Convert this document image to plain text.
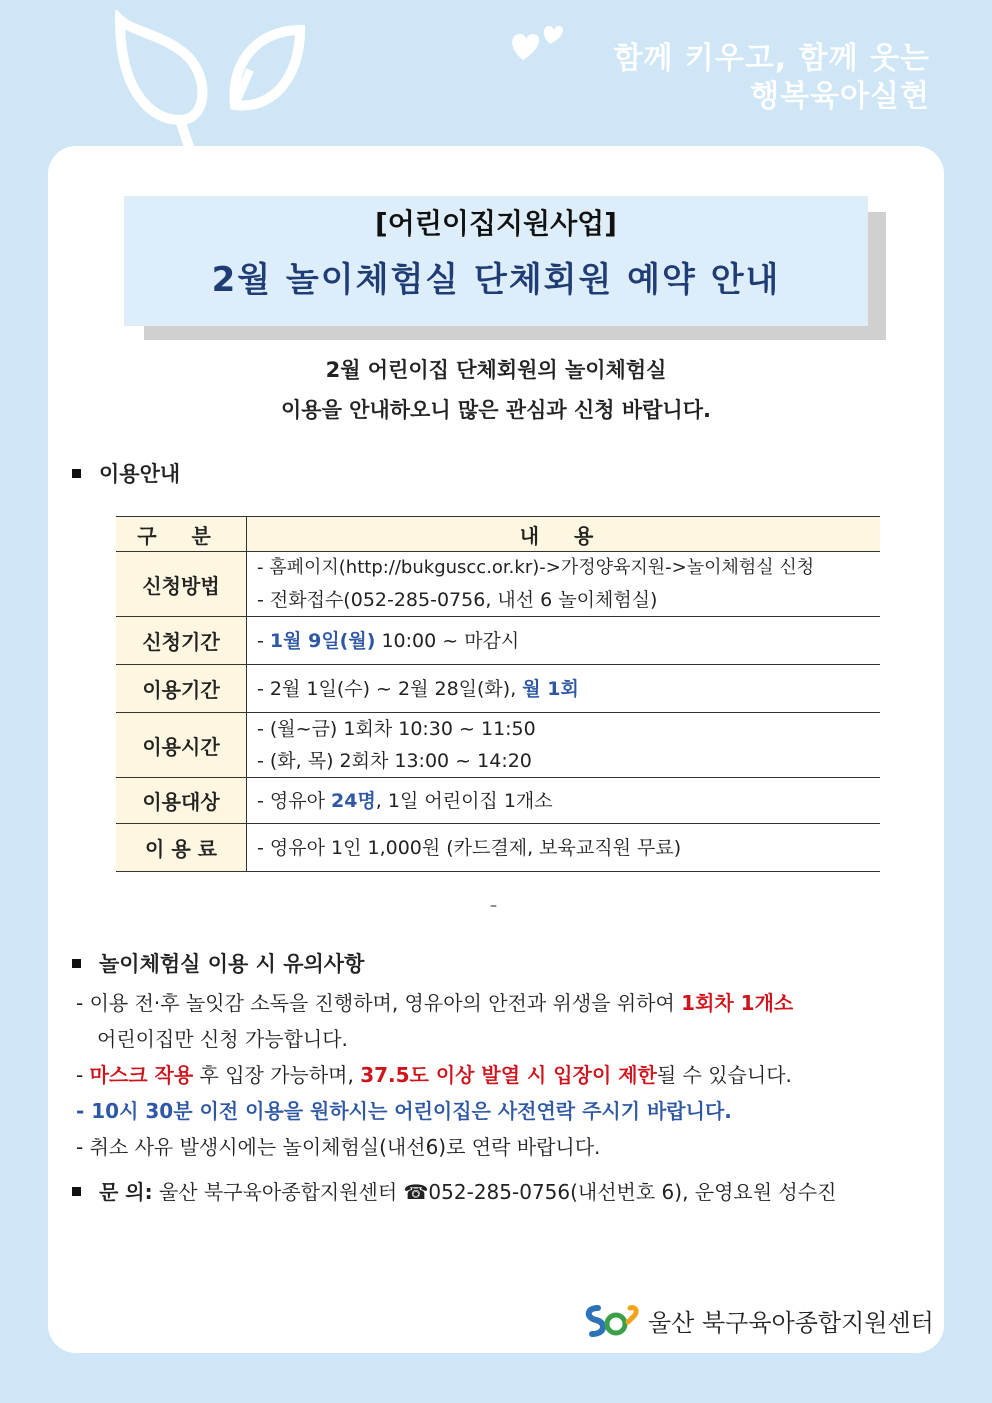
함께 키우고, 함께 웃는
행복육아실현
[어린이집지원사업]
2월 놀이체험실 단체회원 예약 안내
2월 어린이집 단체회원의 놀이체험실
이용을 안내하오니 많은 관심과 신청 바랍니다.
이용안내
구 분	내 용
신청방법	- 홈페이지(http://bukguscc.or.kr)->가정양육지원->놀이체험실 신청
- 전화접수(052-285-0756, 내선 6 놀이체험실)

신청기간	- 1월 9일(월) 10:00 ~ 마감시
이용기간	- 2월 1일(수) ~ 2월 28일(화), 월 1회
이용시간	- (월~금) 1회차 10:30 ~ 11:50
- (화, 목) 2회차 13:00 ~ 14:20

이용대상	- 영유아 24명, 1일 어린이집 1개소
이 용 료	- 영유아 1인 1,000원 (카드결제, 보육교직원 무료)
–
놀이체험실 이용 시 유의사항

- 이용 전·후 놀잇감 소독을 진행하며, 영유아의 안전과 위생을 위하여 1회차 1개소

어린이집만 신청 가능합니다.

- 마스크 작용 후 입장 가능하며, 37.5도 이상 발열 시 입장이 제한될 수 있습니다.

- 10시 30분 이전 이용을 원하시는 어린이집은 사전연락 주시기 바랍니다.

- 취소 사유 발생시에는 놀이체험실(내선6)로 연락 바랍니다.

문 의: 울산 북구육아종합지원센터 ☎052-285-0756(내선번호 6), 운영요원 성수진
울산 북구육아종합지원센터
